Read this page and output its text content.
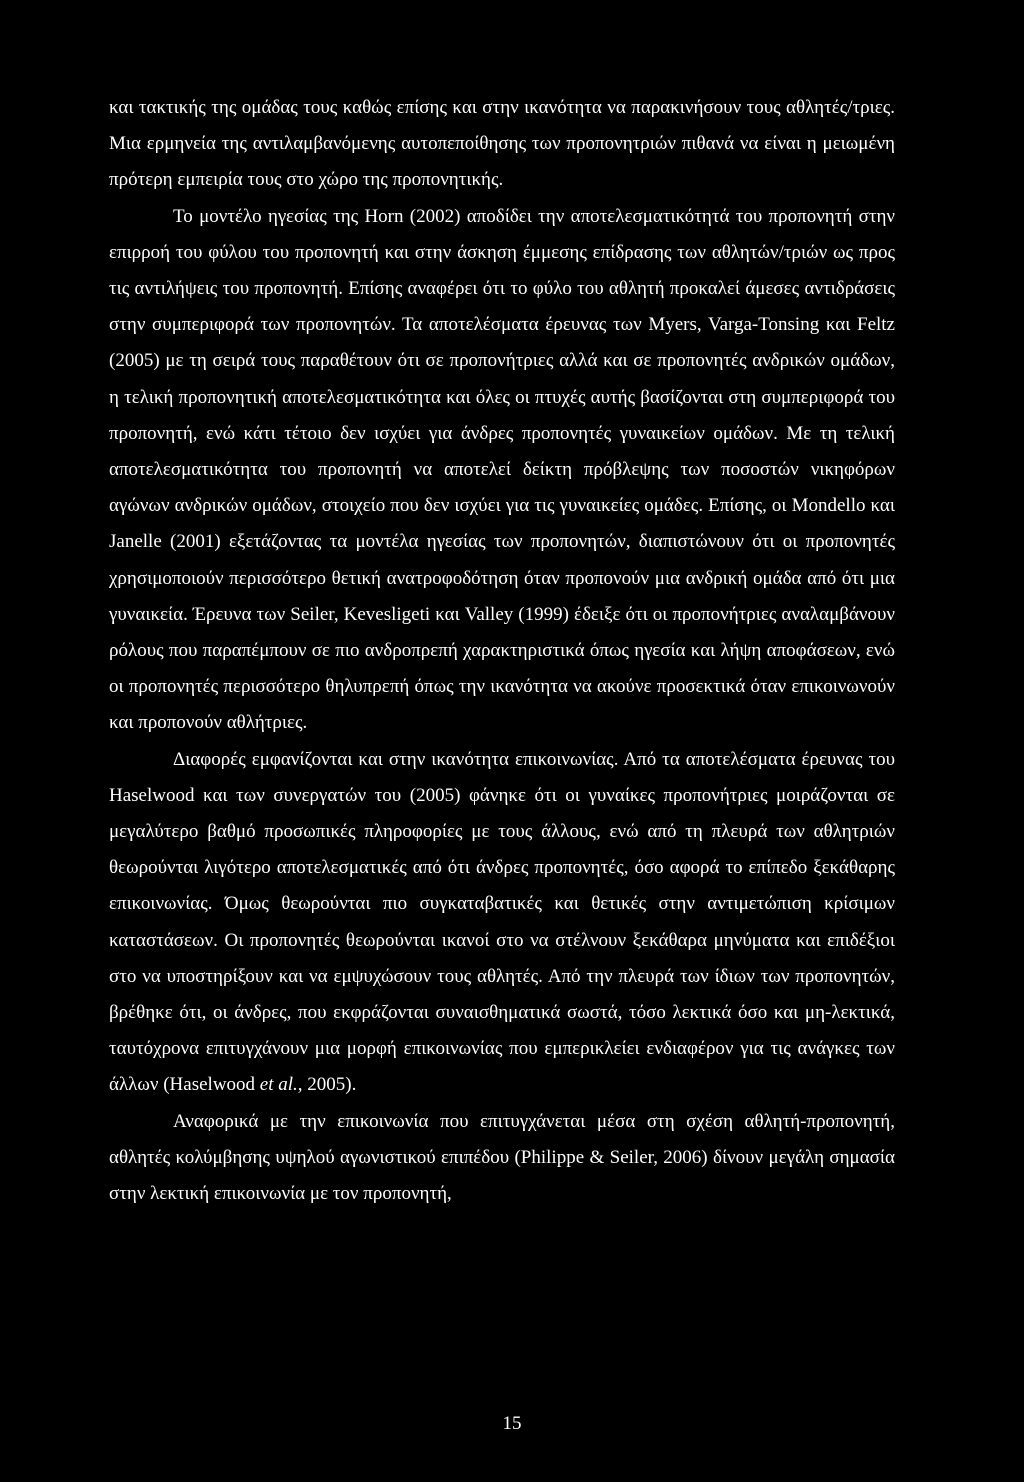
και τακτικής της ομάδας τους καθώς επίσης και στην ικανότητα να παρακινήσουν τους αθλητές/τριες. Μια ερμηνεία της αντιλαμβανόμενης αυτοπεποίθησης των προπονητριών πιθανά να είναι η μειωμένη πρότερη εμπειρία τους στο χώρο της προπονητικής.

Το μοντέλο ηγεσίας της Horn (2002) αποδίδει την αποτελεσματικότητά του προπονητή στην επιρροή του φύλου του προπονητή και στην άσκηση έμμεσης επίδρασης των αθλητών/τριών ως προς τις αντιλήψεις του προπονητή. Επίσης αναφέρει ότι το φύλο του αθλητή προκαλεί άμεσες αντιδράσεις στην συμπεριφορά των προπονητών. Τα αποτελέσματα έρευνας των Myers, Varga-Tonsing και Feltz (2005) με τη σειρά τους παραθέτουν ότι σε προπονήτριες αλλά και σε προπονητές ανδρικών ομάδων, η τελική προπονητική αποτελεσματικότητα και όλες οι πτυχές αυτής βασίζονται στη συμπεριφορά του προπονητή, ενώ κάτι τέτοιο δεν ισχύει για άνδρες προπονητές γυναικείων ομάδων. Με τη τελική αποτελεσματικότητα του προπονητή να αποτελεί δείκτη πρόβλεψης των ποσοστών νικηφόρων αγώνων ανδρικών ομάδων, στοιχείο που δεν ισχύει για τις γυναικείες ομάδες. Επίσης, οι Mondello και Janelle (2001) εξετάζοντας τα μοντέλα ηγεσίας των προπονητών, διαπιστώνουν ότι οι προπονητές χρησιμοποιούν περισσότερο θετική ανατροφοδότηση όταν προπονούν μια ανδρική ομάδα από ότι μια γυναικεία. Έρευνα των Seiler, Kevesligeti και Valley (1999) έδειξε ότι οι προπονήτριες αναλαμβάνουν ρόλους που παραπέμπουν σε πιο ανδροπρεπή χαρακτηριστικά όπως ηγεσία και λήψη αποφάσεων, ενώ οι προπονητές περισσότερο θηλυπρεπή όπως την ικανότητα να ακούνε προσεκτικά όταν επικοινωνούν και προπονούν αθλήτριες.

Διαφορές εμφανίζονται και στην ικανότητα επικοινωνίας. Από τα αποτελέσματα έρευνας του Haselwood και των συνεργατών του (2005) φάνηκε ότι οι γυναίκες προπονήτριες μοιράζονται σε μεγαλύτερο βαθμό προσωπικές πληροφορίες με τους άλλους, ενώ από τη πλευρά των αθλητριών θεωρούνται λιγότερο αποτελεσματικές από ότι άνδρες προπονητές, όσο αφορά το επίπεδο ξεκάθαρης επικοινωνίας. Όμως θεωρούνται πιο συγκαταβατικές και θετικές στην αντιμετώπιση κρίσιμων καταστάσεων. Οι προπονητές θεωρούνται ικανοί στο να στέλνουν ξεκάθαρα μηνύματα και επιδέξιοι στο να υποστηρίξουν και να εμψυχώσουν τους αθλητές. Από την πλευρά των ίδιων των προπονητών, βρέθηκε ότι, οι άνδρες, που εκφράζονται συναισθηματικά σωστά, τόσο λεκτικά όσο και μη-λεκτικά, ταυτόχρονα επιτυγχάνουν μια μορφή επικοινωνίας που εμπερικλείει ενδιαφέρον για τις ανάγκες των άλλων (Haselwood et al., 2005).

Αναφορικά με την επικοινωνία που επιτυγχάνεται μέσα στη σχέση αθλητή-προπονητή, αθλητές κολύμβησης υψηλού αγωνιστικού επιπέδου (Philippe & Seiler, 2006) δίνουν μεγάλη σημασία στην λεκτική επικοινωνία με τον προπονητή,

15
